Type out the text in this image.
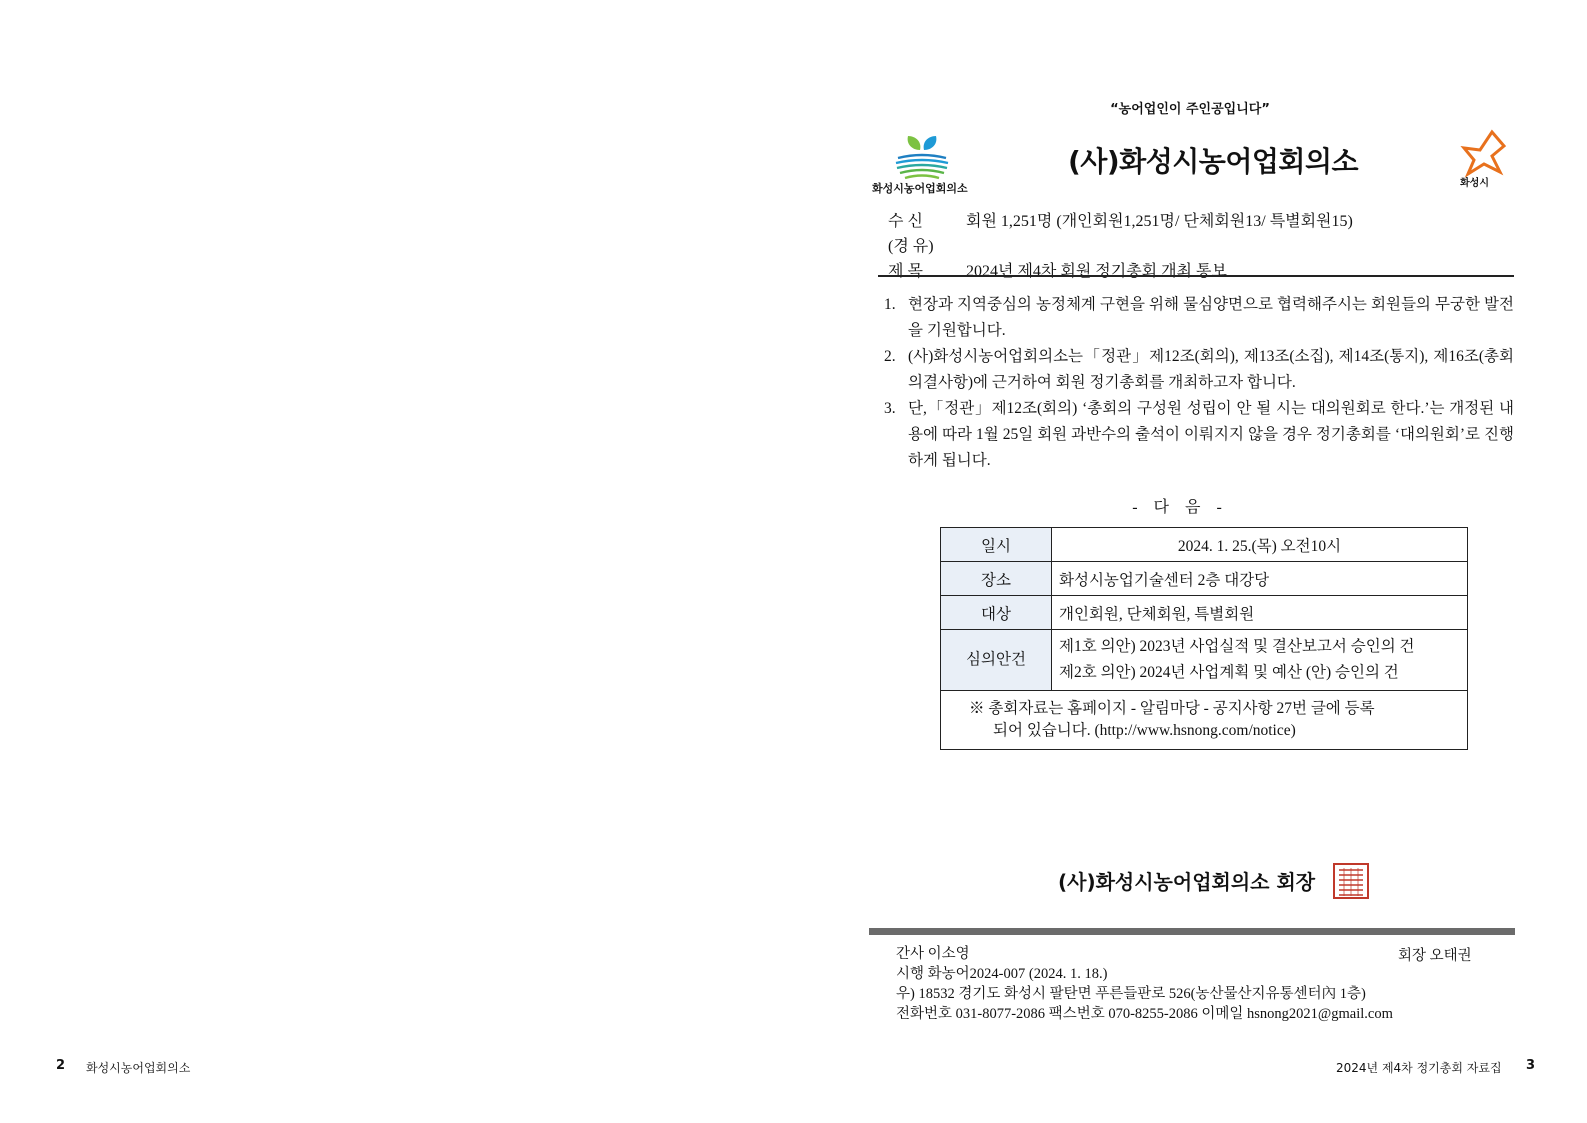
“농어업인이 주인공입니다”
화성시농어업회의소
(사)화성시농어업회의소
화성시
수 신	회원 1,251명 (개인회원1,251명/ 단체회원13/ 특별회원15)
(경 유)
제 목	2024년 제4차 회원 정기총회 개최 통보
1. 현장과 지역중심의 농정체계 구현을 위해 물심양면으로 협력해주시는 회원들의 무궁한 발전을 기원합니다.
2. (사)화성시농어업회의소는「정관」제12조(회의), 제13조(소집), 제14조(통지), 제16조(총회 의결사항)에 근거하여 회원 정기총회를 개최하고자 합니다.
3. 단,「정관」제12조(회의) ‘총회의 구성원 성립이 안 될 시는 대의원회로 한다.’는 개정된 내용에 따라 1월 25일 회원 과반수의 출석이 이뤄지지 않을 경우 정기총회를 ‘대의원회’로 진행하게 됩니다.
- 다 음 -
일시	2024. 1. 25.(목) 오전10시
장소	화성시농업기술센터 2층 대강당
대상	개인회원, 단체회원, 특별회원
심의안건	제1호 의안) 2023년 사업실적 및 결산보고서 승인의 건
제2호 의안) 2024년 사업계획 및 예산 (안) 승인의 건

※ 총회자료는 홈페이지 - 알림마당 - 공지사항 27번 글에 등록
되어 있습니다. (http://www.hsnong.com/notice)	
(사)화성시농어업회의소 회장
간사 이소영	회장 오태권
시행 화농어2024-007 (2024. 1. 18.)
우) 18532 경기도 화성시 팔탄면 푸른들판로 526(농산물산지유통센터內 1층)
전화번호 031-8077-2086 팩스번호 070-8255-2086 이메일 hsnong2021@gmail.com
2 화성시농어업회의소	2024년 제4차 정기총회 자료집 3
